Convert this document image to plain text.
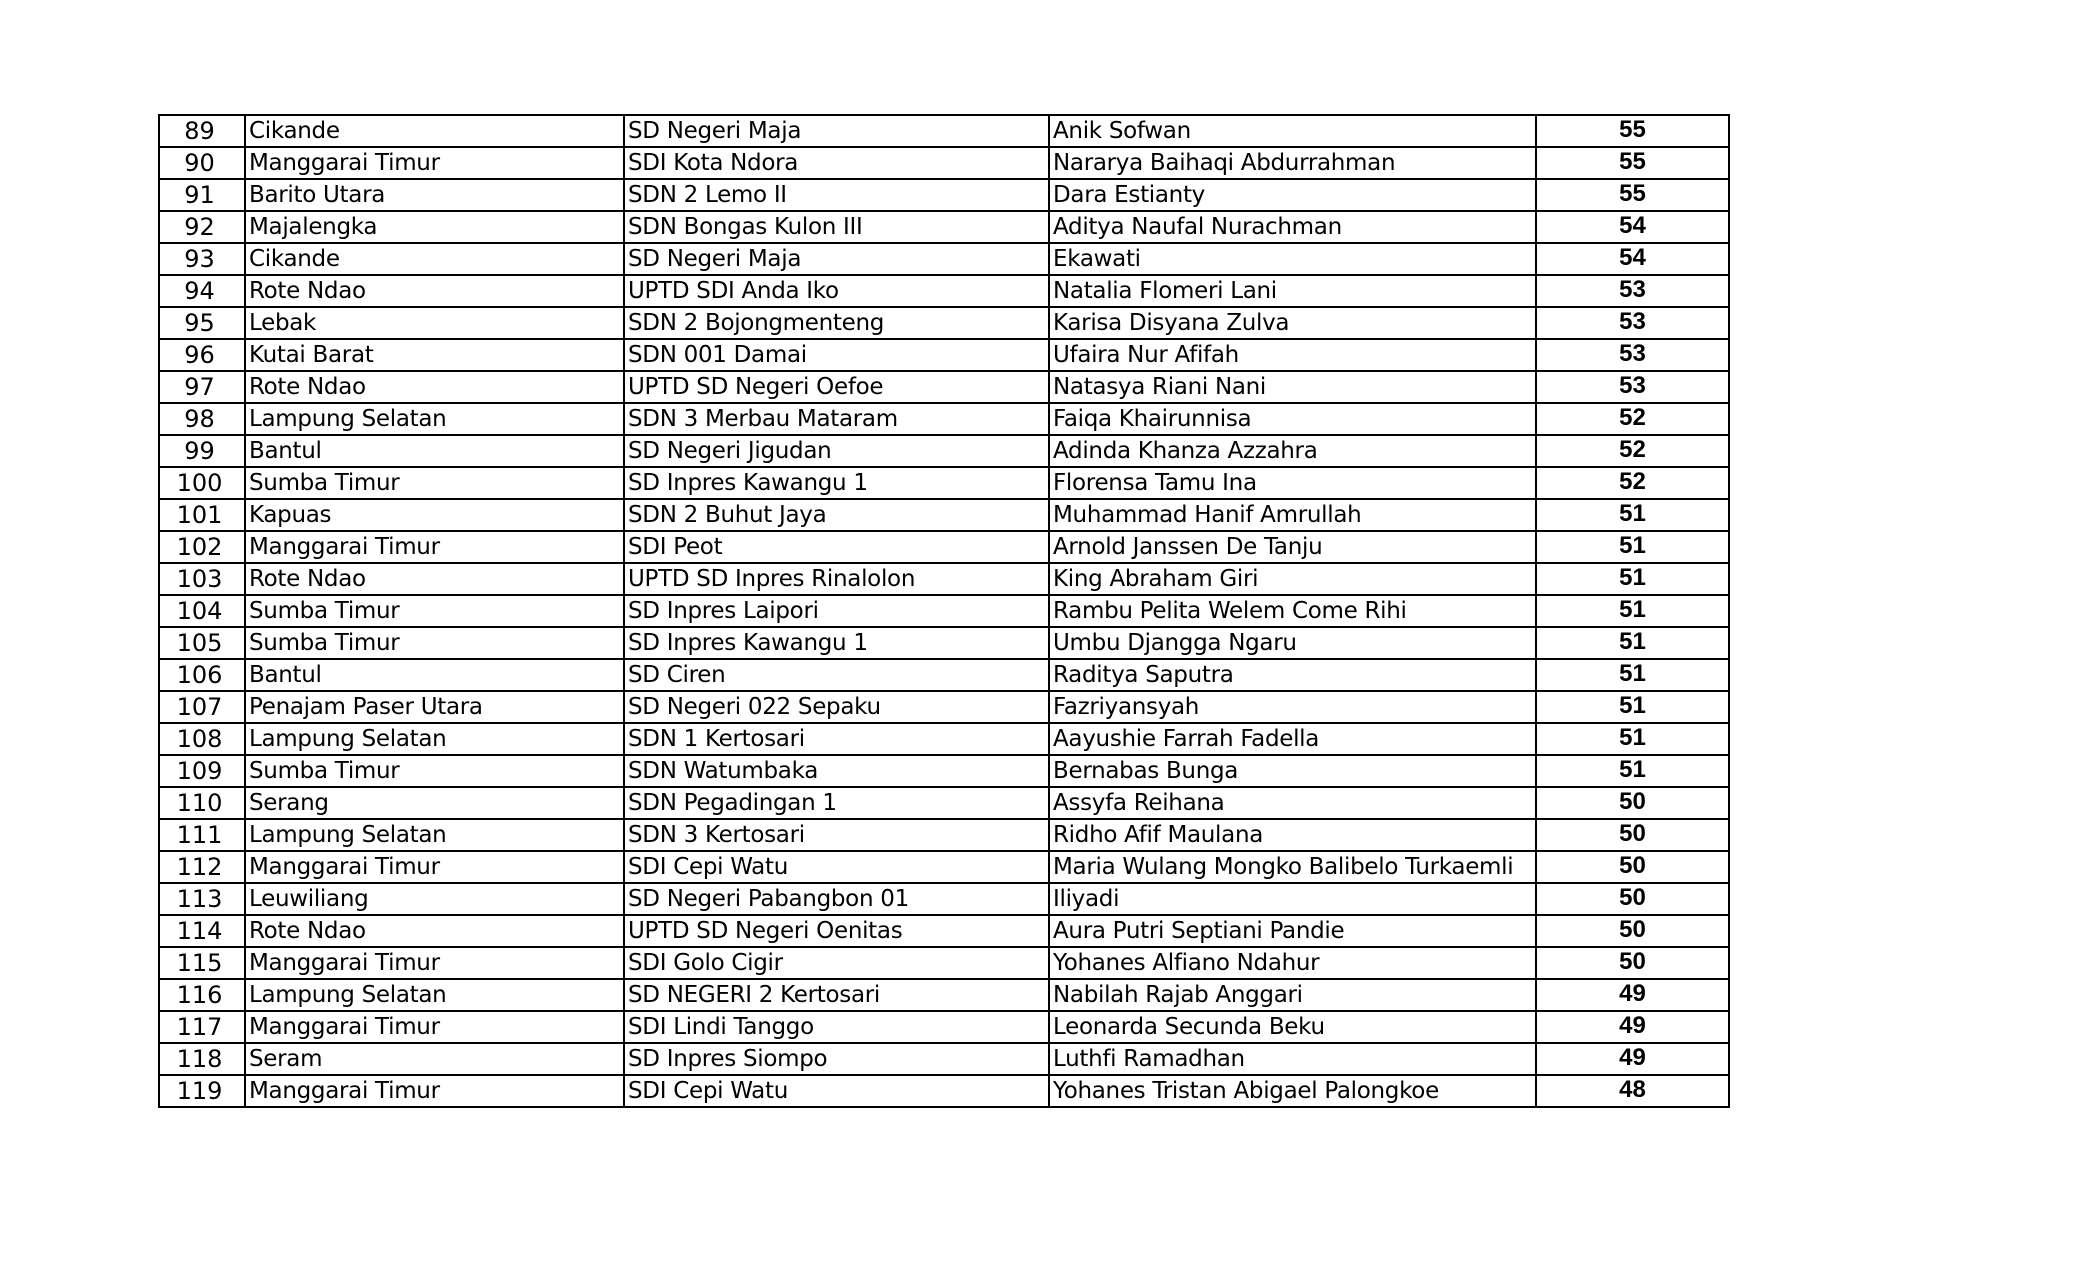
89	Cikande	SD Negeri Maja	Anik Sofwan	55
90	Manggarai Timur	SDI Kota Ndora	Nararya Baihaqi Abdurrahman	55
91	Barito Utara	SDN 2 Lemo II	Dara Estianty	55
92	Majalengka	SDN Bongas Kulon III	Aditya Naufal Nurachman	54
93	Cikande	SD Negeri Maja	Ekawati	54
94	Rote Ndao	UPTD SDI Anda Iko	Natalia Flomeri Lani	53
95	Lebak	SDN 2 Bojongmenteng	Karisa Disyana Zulva	53
96	Kutai Barat	SDN 001 Damai	Ufaira Nur Afifah	53
97	Rote Ndao	UPTD SD Negeri Oefoe	Natasya Riani Nani	53
98	Lampung Selatan	SDN 3 Merbau Mataram	Faiqa Khairunnisa	52
99	Bantul	SD Negeri Jigudan	Adinda Khanza Azzahra	52
100	Sumba Timur	SD Inpres Kawangu 1	Florensa Tamu Ina	52
101	Kapuas	SDN 2 Buhut Jaya	Muhammad Hanif Amrullah	51
102	Manggarai Timur	SDI Peot	Arnold Janssen De Tanju	51
103	Rote Ndao	UPTD SD Inpres Rinalolon	King Abraham Giri	51
104	Sumba Timur	SD Inpres Laipori	Rambu Pelita Welem Come Rihi	51
105	Sumba Timur	SD Inpres Kawangu 1	Umbu Djangga Ngaru	51
106	Bantul	SD Ciren	Raditya Saputra	51
107	Penajam Paser Utara	SD Negeri 022 Sepaku	Fazriyansyah	51
108	Lampung Selatan	SDN 1 Kertosari	Aayushie Farrah Fadella	51
109	Sumba Timur	SDN Watumbaka	Bernabas Bunga	51
110	Serang	SDN Pegadingan 1	Assyfa Reihana	50
111	Lampung Selatan	SDN 3 Kertosari	Ridho Afif Maulana	50
112	Manggarai Timur	SDI Cepi Watu	Maria Wulang Mongko Balibelo Turkaemli	50
113	Leuwiliang	SD Negeri Pabangbon 01	Iliyadi	50
114	Rote Ndao	UPTD SD Negeri Oenitas	Aura Putri Septiani Pandie	50
115	Manggarai Timur	SDI Golo Cigir	Yohanes Alfiano Ndahur	50
116	Lampung Selatan	SD NEGERI 2 Kertosari	Nabilah Rajab Anggari	49
117	Manggarai Timur	SDI Lindi Tanggo	Leonarda Secunda Beku	49
118	Seram	SD Inpres Siompo	Luthfi Ramadhan	49
119	Manggarai Timur	SDI Cepi Watu	Yohanes Tristan Abigael Palongkoe	48
